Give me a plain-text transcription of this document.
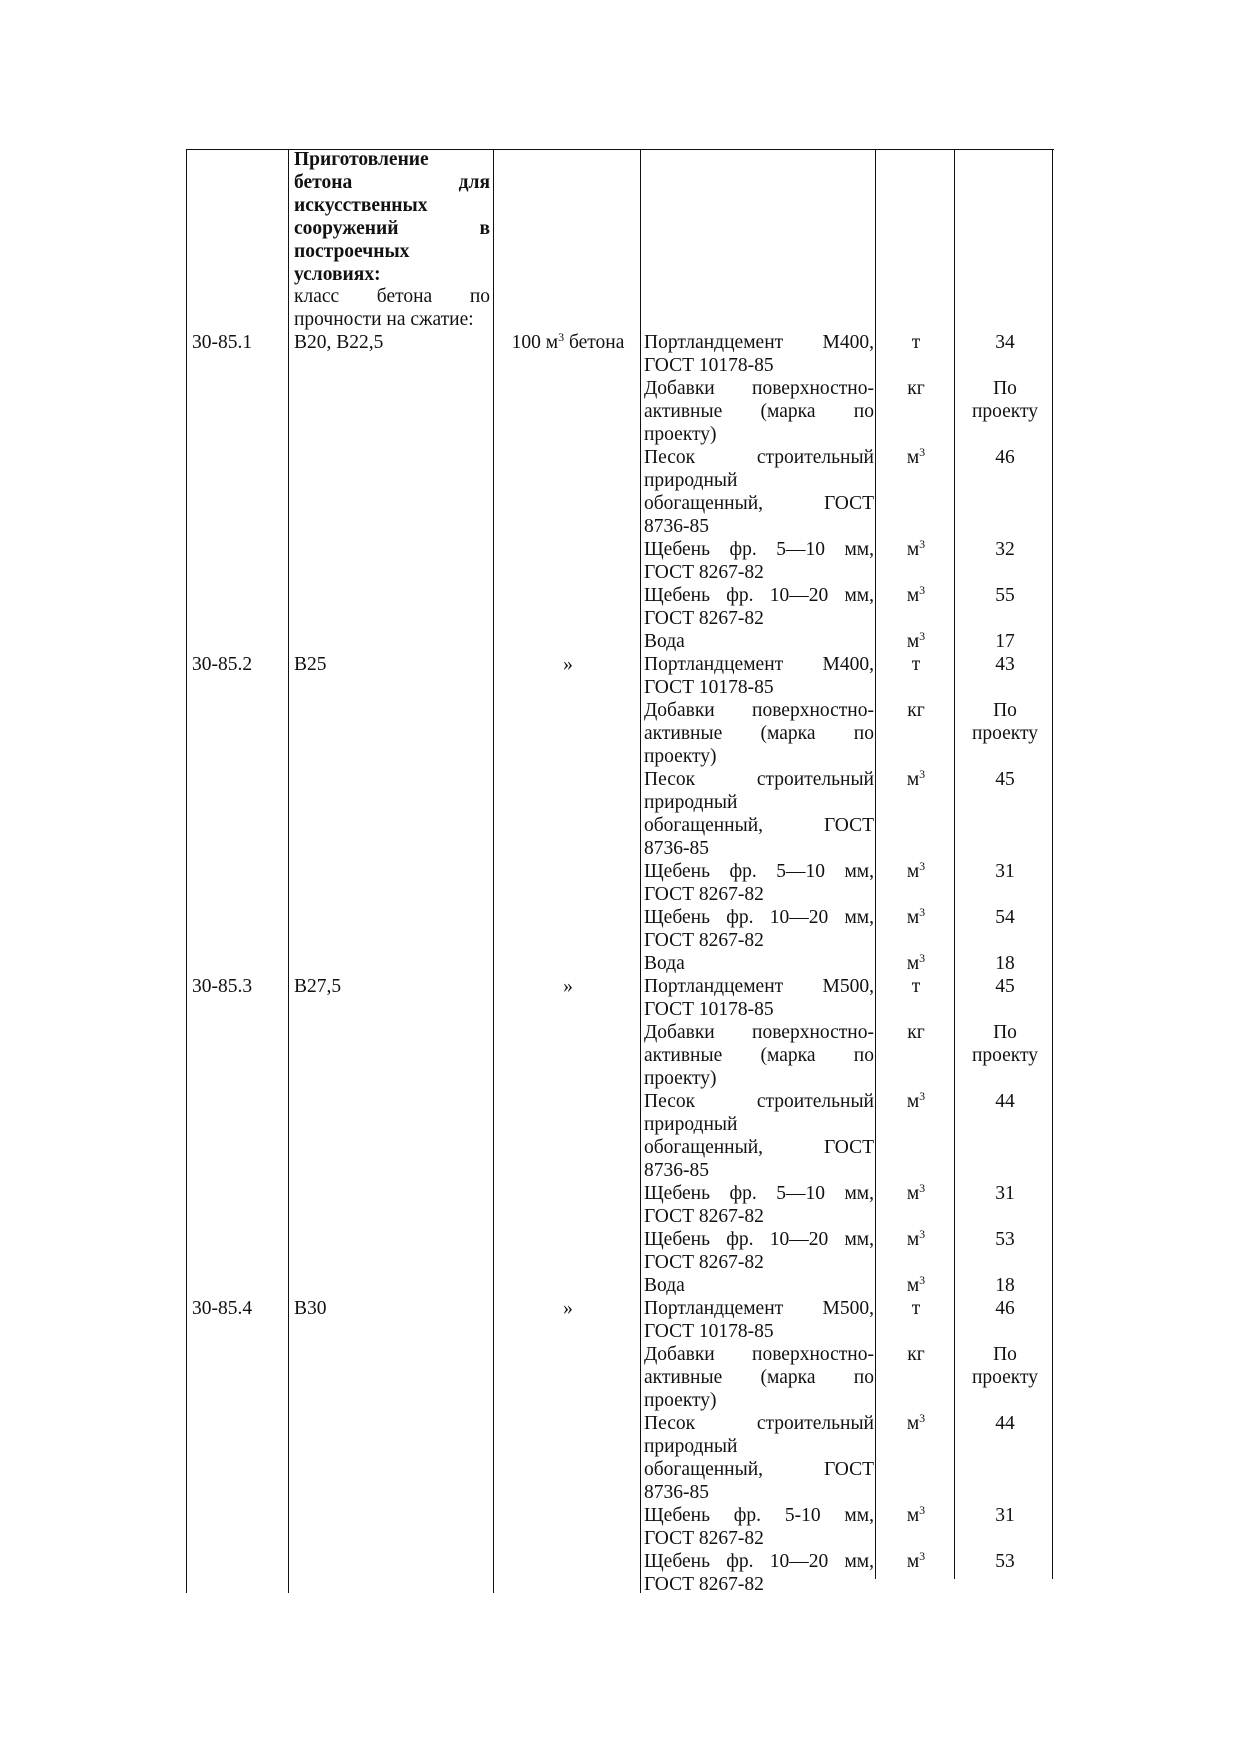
Приготовление
бетона для
искусственных
сооружений в
построечных
условиях:
класс бетона по
прочности на сжатие:
30-85.1	В20, В22,5	100 $м^3$ бетона	Портландцемент М400,
ГОСТ 10178-85
т	34
Добавки поверхностно-
активные (марка по
проекту)
кг	По
проекту
Песок строительный
природный
обогащенный, ГОСТ
8736-85
$м^3$	46
Щебень фр. 5—10 мм,
ГОСТ 8267-82
$м^3$	32
Щебень фр. 10—20 мм,
ГОСТ 8267-82
$м^3$	55
Вода	$м^3$	17
30-85.2	В25	»	Портландцемент М400,
ГОСТ 10178-85
т	43
Добавки поверхностно-
активные (марка по
проекту)
кг	По
проекту
Песок строительный
природный
обогащенный, ГОСТ
8736-85
$м^3$	45
Щебень фр. 5—10 мм,
ГОСТ 8267-82
$м^3$	31
Щебень фр. 10—20 мм,
ГОСТ 8267-82
$м^3$	54
Вода	$м^3$	18
30-85.3	В27,5	»	Портландцемент М500,
ГОСТ 10178-85
т	45
Добавки поверхностно-
активные (марка по
проекту)
кг	По
проекту
Песок строительный
природный
обогащенный, ГОСТ
8736-85
$м^3$	44
Щебень фр. 5—10 мм,
ГОСТ 8267-82
$м^3$	31
Щебень фр. 10—20 мм,
ГОСТ 8267-82
$м^3$	53
Вода	$м^3$	18
30-85.4	В30	»	Портландцемент М500,
ГОСТ 10178-85
т	46
Добавки поверхностно-
активные (марка по
проекту)
кг	По
проекту
Песок строительный
природный
обогащенный, ГОСТ
8736-85
$м^3$	44
Щебень фр. 5-10 мм,
ГОСТ 8267-82
$м^3$	31
Щебень фр. 10—20 мм,
ГОСТ 8267-82
$м^3$	53
